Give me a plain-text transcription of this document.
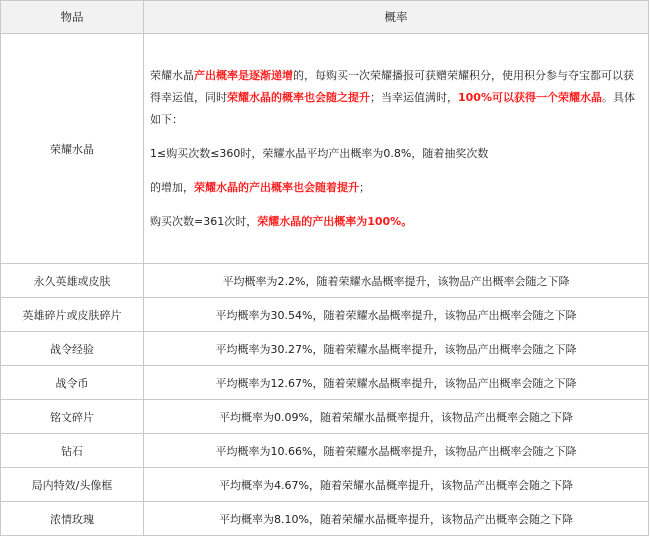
物品	概率
荣耀水晶	荣耀水晶产出概率是逐渐递增的，每购买一次荣耀播报可获赠荣耀积分，使用积分参与夺宝都可以获得幸运值，同时荣耀水晶的概率也会随之提升；当幸运值满时，100%可以获得一个荣耀水晶。具体如下：

1≤购买次数≤360时，荣耀水晶平均产出概率为0.8%，随着抽奖次数

的增加，荣耀水晶的产出概率也会随着提升；

购买次数=361次时，荣耀水晶的产出概率为100%。

永久英雄或皮肤	平均概率为2.2%，随着荣耀水晶概率提升，该物品产出概率会随之下降
英雄碎片或皮肤碎片	平均概率为30.54%，随着荣耀水晶概率提升，该物品产出概率会随之下降
战令经验	平均概率为30.27%，随着荣耀水晶概率提升，该物品产出概率会随之下降
战令币	平均概率为12.67%，随着荣耀水晶概率提升，该物品产出概率会随之下降
铭文碎片	平均概率为0.09%，随着荣耀水晶概率提升，该物品产出概率会随之下降
钻石	平均概率为10.66%，随着荣耀水晶概率提升，该物品产出概率会随之下降
局内特效/头像框	平均概率为4.67%，随着荣耀水晶概率提升，该物品产出概率会随之下降
浓情玫瑰	平均概率为8.10%，随着荣耀水晶概率提升，该物品产出概率会随之下降
